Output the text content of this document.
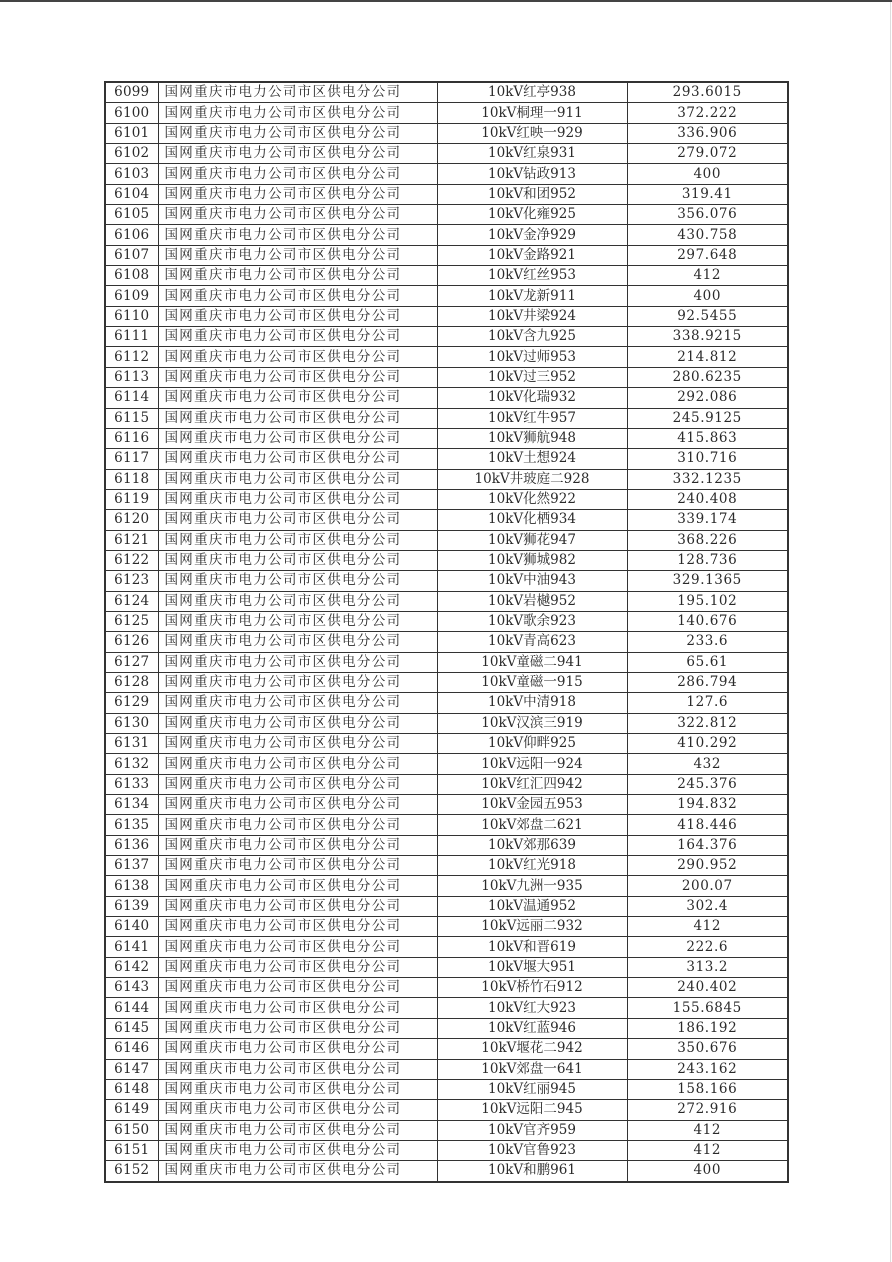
6099	国网重庆市电力公司市区供电分公司	10kV红亭938	293.6015
6100	国网重庆市电力公司市区供电分公司	10kV桐理一911	372.222
6101	国网重庆市电力公司市区供电分公司	10kV红映一929	336.906
6102	国网重庆市电力公司市区供电分公司	10kV红泉931	279.072
6103	国网重庆市电力公司市区供电分公司	10kV钻政913	400
6104	国网重庆市电力公司市区供电分公司	10kV和团952	319.41
6105	国网重庆市电力公司市区供电分公司	10kV化雍925	356.076
6106	国网重庆市电力公司市区供电分公司	10kV金净929	430.758
6107	国网重庆市电力公司市区供电分公司	10kV金路921	297.648
6108	国网重庆市电力公司市区供电分公司	10kV红丝953	412
6109	国网重庆市电力公司市区供电分公司	10kV龙新911	400
6110	国网重庆市电力公司市区供电分公司	10kV井梁924	92.5455
6111	国网重庆市电力公司市区供电分公司	10kV含九925	338.9215
6112	国网重庆市电力公司市区供电分公司	10kV过师953	214.812
6113	国网重庆市电力公司市区供电分公司	10kV过三952	280.6235
6114	国网重庆市电力公司市区供电分公司	10kV化瑞932	292.086
6115	国网重庆市电力公司市区供电分公司	10kV红牛957	245.9125
6116	国网重庆市电力公司市区供电分公司	10kV狮航948	415.863
6117	国网重庆市电力公司市区供电分公司	10kV土想924	310.716
6118	国网重庆市电力公司市区供电分公司	10kV井玻庭二928	332.1235
6119	国网重庆市电力公司市区供电分公司	10kV化然922	240.408
6120	国网重庆市电力公司市区供电分公司	10kV化栖934	339.174
6121	国网重庆市电力公司市区供电分公司	10kV狮花947	368.226
6122	国网重庆市电力公司市区供电分公司	10kV狮城982	128.736
6123	国网重庆市电力公司市区供电分公司	10kV中油943	329.1365
6124	国网重庆市电力公司市区供电分公司	10kV岩樾952	195.102
6125	国网重庆市电力公司市区供电分公司	10kV歌余923	140.676
6126	国网重庆市电力公司市区供电分公司	10kV青高623	233.6
6127	国网重庆市电力公司市区供电分公司	10kV童磁二941	65.61
6128	国网重庆市电力公司市区供电分公司	10kV童磁一915	286.794
6129	国网重庆市电力公司市区供电分公司	10kV中清918	127.6
6130	国网重庆市电力公司市区供电分公司	10kV汉滨三919	322.812
6131	国网重庆市电力公司市区供电分公司	10kV仰畔925	410.292
6132	国网重庆市电力公司市区供电分公司	10kV远阳一924	432
6133	国网重庆市电力公司市区供电分公司	10kV红汇四942	245.376
6134	国网重庆市电力公司市区供电分公司	10kV金园五953	194.832
6135	国网重庆市电力公司市区供电分公司	10kV郊盘二621	418.446
6136	国网重庆市电力公司市区供电分公司	10kV郊那639	164.376
6137	国网重庆市电力公司市区供电分公司	10kV红光918	290.952
6138	国网重庆市电力公司市区供电分公司	10kV九洲一935	200.07
6139	国网重庆市电力公司市区供电分公司	10kV温通952	302.4
6140	国网重庆市电力公司市区供电分公司	10kV远丽二932	412
6141	国网重庆市电力公司市区供电分公司	10kV和晋619	222.6
6142	国网重庆市电力公司市区供电分公司	10kV堰大951	313.2
6143	国网重庆市电力公司市区供电分公司	10kV桥竹石912	240.402
6144	国网重庆市电力公司市区供电分公司	10kV红大923	155.6845
6145	国网重庆市电力公司市区供电分公司	10kV红蓝946	186.192
6146	国网重庆市电力公司市区供电分公司	10kV堰花二942	350.676
6147	国网重庆市电力公司市区供电分公司	10kV郊盘一641	243.162
6148	国网重庆市电力公司市区供电分公司	10kV红丽945	158.166
6149	国网重庆市电力公司市区供电分公司	10kV远阳二945	272.916
6150	国网重庆市电力公司市区供电分公司	10kV官齐959	412
6151	国网重庆市电力公司市区供电分公司	10kV官鲁923	412
6152	国网重庆市电力公司市区供电分公司	10kV和鹏961	400
